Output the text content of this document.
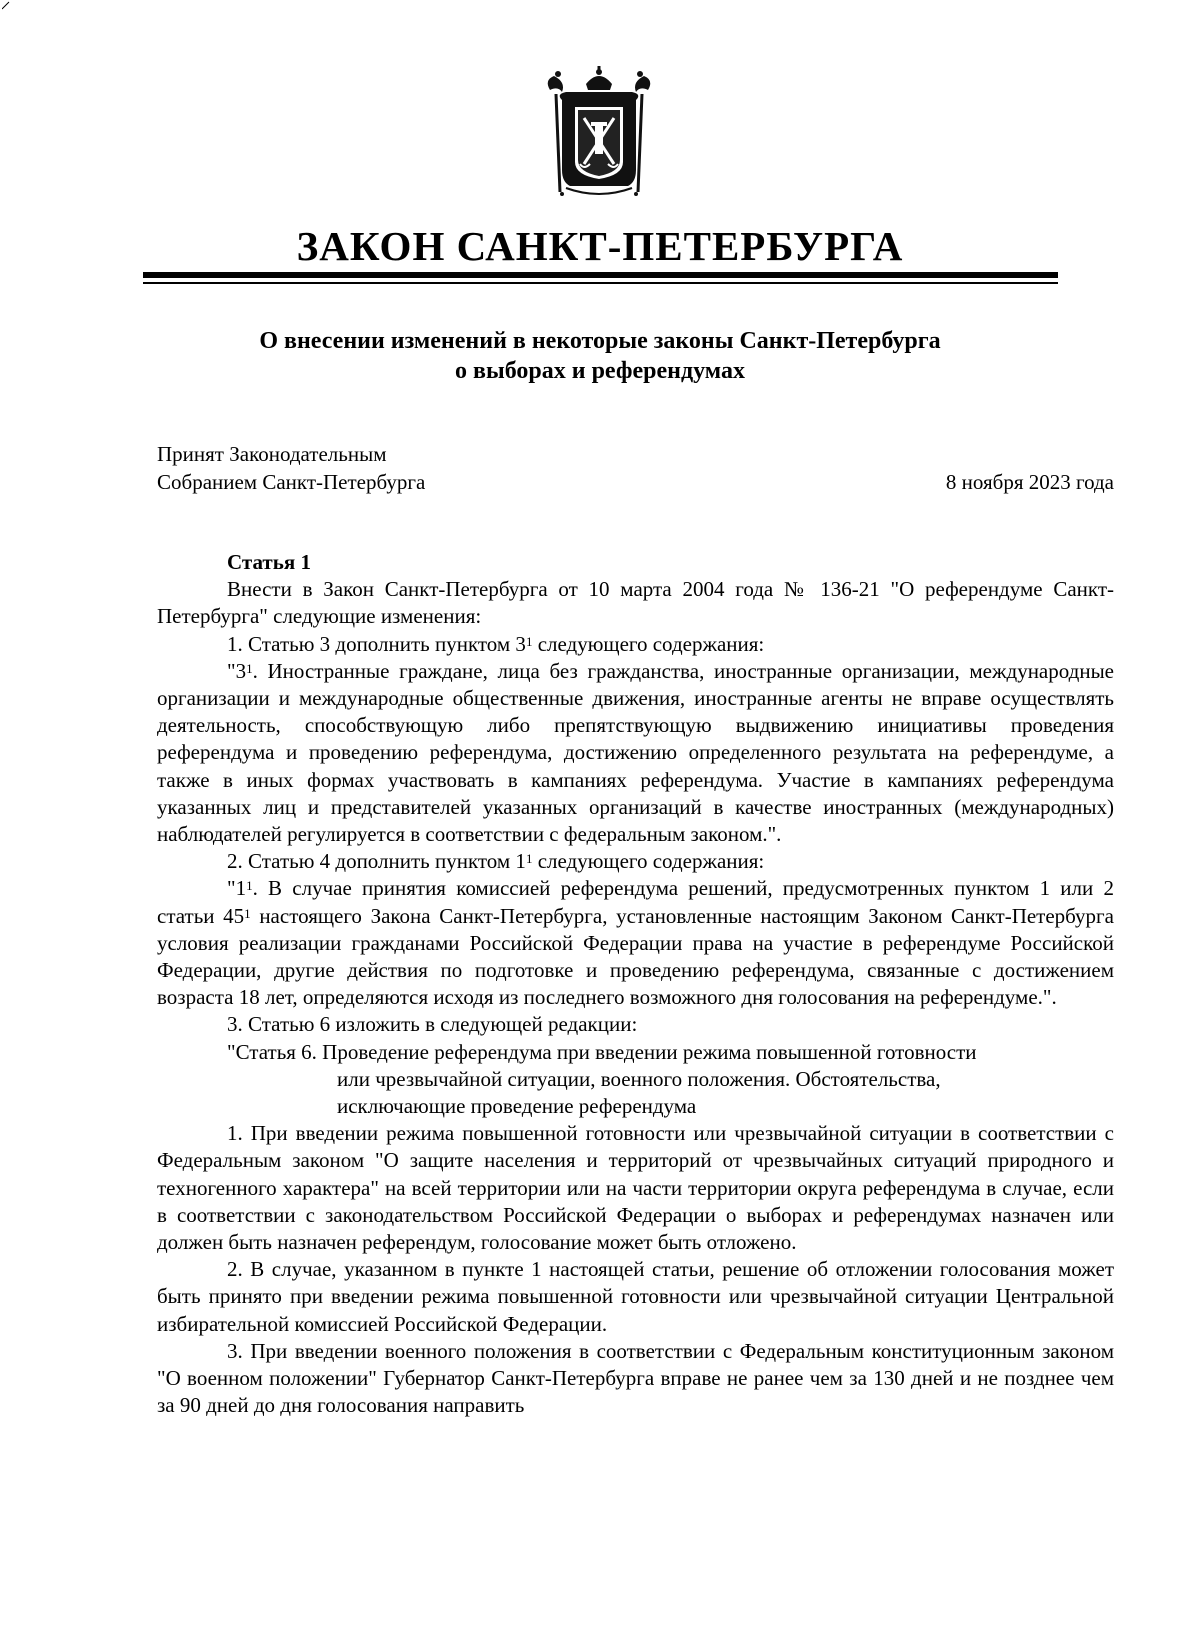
ЗАКОН САНКТ-ПЕТЕРБУРГА
О внесении изменений в некоторые законы Санкт-Петербурга
о выборах и референдумах
Принят Законодательным
Собранием Санкт-Петербурга	8 ноября 2023 года

Статья 1

Внести в Закон Санкт-Петербурга от 10 марта 2004 года № 136-21 "О референдуме Санкт-Петербурга" следующие изменения:

1. Статью 3 дополнить пунктом $3^1$ следующего содержания:

"$3^1$. Иностранные граждане, лица без гражданства, иностранные организации, международные организации и международные общественные движения, иностранные агенты не вправе осуществлять деятельность, способствующую либо препятствующую выдвижению инициативы проведения референдума и проведению референдума, достижению определенного результата на референдуме, а также в иных формах участвовать в кампаниях референдума. Участие в кампаниях референдума указанных лиц и представителей указанных организаций в качестве иностранных (международных) наблюдателей регулируется в соответствии с федеральным законом.".

2. Статью 4 дополнить пунктом $1^1$ следующего содержания:

"$1^1$. В случае принятия комиссией референдума решений, предусмотренных пунктом 1 или 2 статьи $45^1$ настоящего Закона Санкт-Петербурга, установленные настоящим Законом Санкт-Петербурга условия реализации гражданами Российской Федерации права на участие в референдуме Российской Федерации, другие действия по подготовке и проведению референдума, связанные с достижением возраста 18 лет, определяются исходя из последнего возможного дня голосования на референдуме.".

3. Статью 6 изложить в следующей редакции:

"Статья 6. Проведение референдума при введении режима повышенной готовности

или чрезвычайной ситуации, военного положения. Обстоятельства,

исключающие проведение референдума

1. При введении режима повышенной готовности или чрезвычайной ситуации в соответствии с Федеральным законом "О защите населения и территорий от чрезвычайных ситуаций природного и техногенного характера" на всей территории или на части территории округа референдума в случае, если в соответствии с законодательством Российской Федерации о выборах и референдумах назначен или должен быть назначен референдум, голосование может быть отложено.

2. В случае, указанном в пункте 1 настоящей статьи, решение об отложении голосования может быть принято при введении режима повышенной готовности или чрезвычайной ситуации Центральной избирательной комиссией Российской Федерации.

3. При введении военного положения в соответствии с Федеральным конституционным законом "О военном положении" Губернатор Санкт-Петербурга вправе не ранее чем за 130 дней и не позднее чем за 90 дней до дня голосования направить
